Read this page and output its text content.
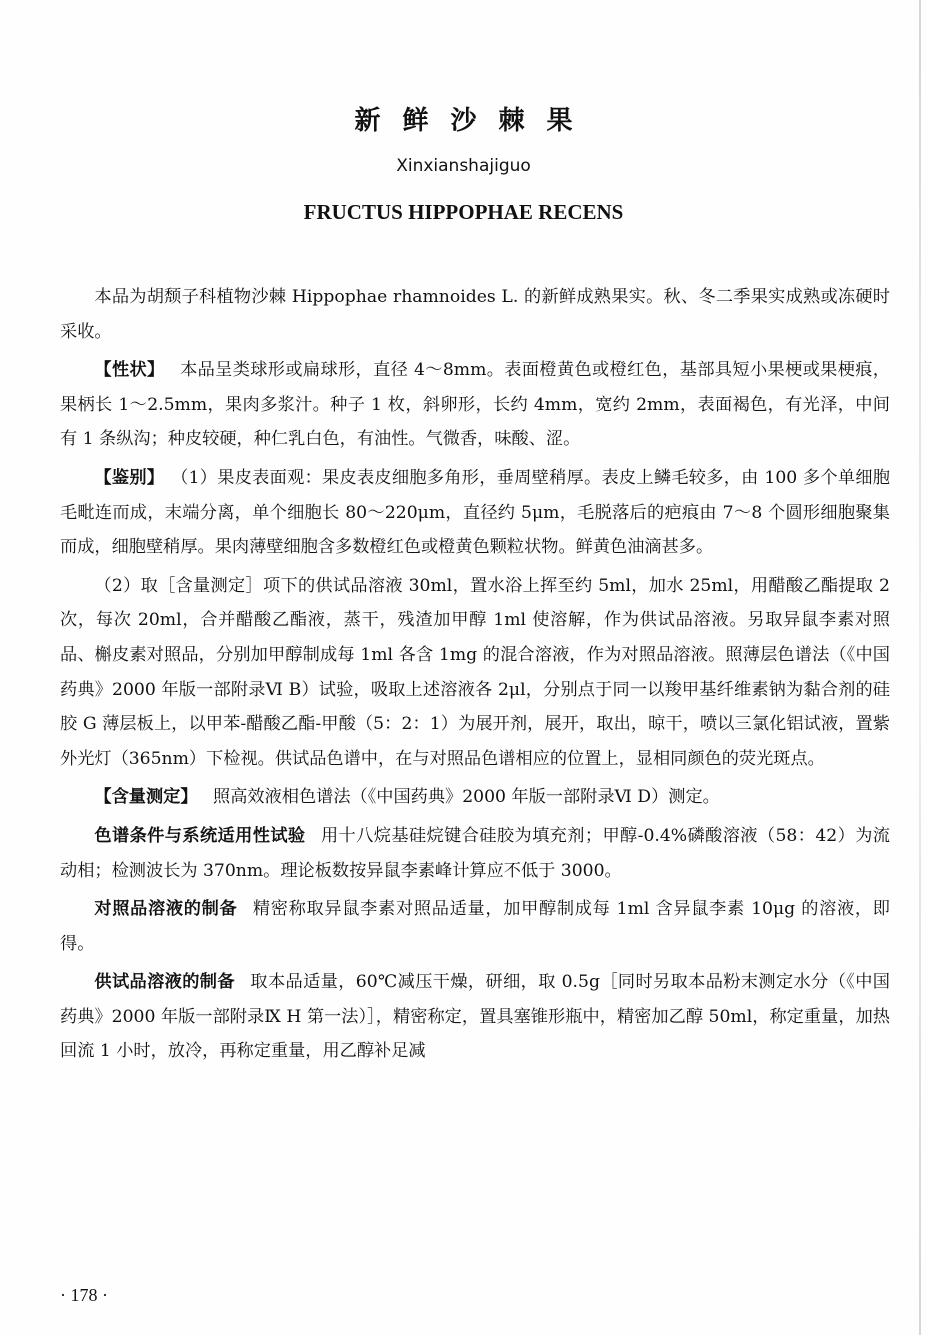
新鲜沙棘果
Xinxianshajiguo
FRUCTUS HIPPOPHAE RECENS

本品为胡颓子科植物沙棘 Hippophae rhamnoides L. 的新鲜成熟果实。秋、冬二季果实成熟或冻硬时采收。

【性状】 本品呈类球形或扁球形，直径 4～8mm。表面橙黄色或橙红色，基部具短小果梗或果梗痕，果柄长 1～2.5mm，果肉多浆汁。种子 1 枚，斜卵形，长约 4mm，宽约 2mm，表面褐色，有光泽，中间有 1 条纵沟；种皮较硬，种仁乳白色，有油性。气微香，味酸、涩。

【鉴别】 （1）果皮表面观：果皮表皮细胞多角形，垂周壁稍厚。表皮上鳞毛较多，由 100 多个单细胞毛毗连而成，末端分离，单个细胞长 80～220μm，直径约 5μm，毛脱落后的疤痕由 7～8 个圆形细胞聚集而成，细胞壁稍厚。果肉薄壁细胞含多数橙红色或橙黄色颗粒状物。鲜黄色油滴甚多。

（2）取［含量测定］项下的供试品溶液 30ml，置水浴上挥至约 5ml，加水 25ml，用醋酸乙酯提取 2 次，每次 20ml，合并醋酸乙酯液，蒸干，残渣加甲醇 1ml 使溶解，作为供试品溶液。另取异鼠李素对照品、槲皮素对照品，分别加甲醇制成每 1ml 各含 1mg 的混合溶液，作为对照品溶液。照薄层色谱法（《中国药典》2000 年版一部附录Ⅵ B）试验，吸取上述溶液各 2μl，分别点于同一以羧甲基纤维素钠为黏合剂的硅胶 G 薄层板上，以甲苯-醋酸乙酯-甲酸（5：2：1）为展开剂，展开，取出，晾干，喷以三氯化铝试液，置紫外光灯（365nm）下检视。供试品色谱中，在与对照品色谱相应的位置上，显相同颜色的荧光斑点。

【含量测定】 照高效液相色谱法（《中国药典》2000 年版一部附录Ⅵ D）测定。

色谱条件与系统适用性试验 用十八烷基硅烷键合硅胶为填充剂；甲醇-0.4%磷酸溶液（58：42）为流动相；检测波长为 370nm。理论板数按异鼠李素峰计算应不低于 3000。

对照品溶液的制备 精密称取异鼠李素对照品适量，加甲醇制成每 1ml 含异鼠李素 10μg 的溶液，即得。

供试品溶液的制备 取本品适量，60℃减压干燥，研细，取 0.5g［同时另取本品粉末测定水分（《中国药典》2000 年版一部附录Ⅸ H 第一法）］，精密称定，置具塞锥形瓶中，精密加乙醇 50ml，称定重量，加热回流 1 小时，放冷，再称定重量，用乙醇补足减

· 178 ·
